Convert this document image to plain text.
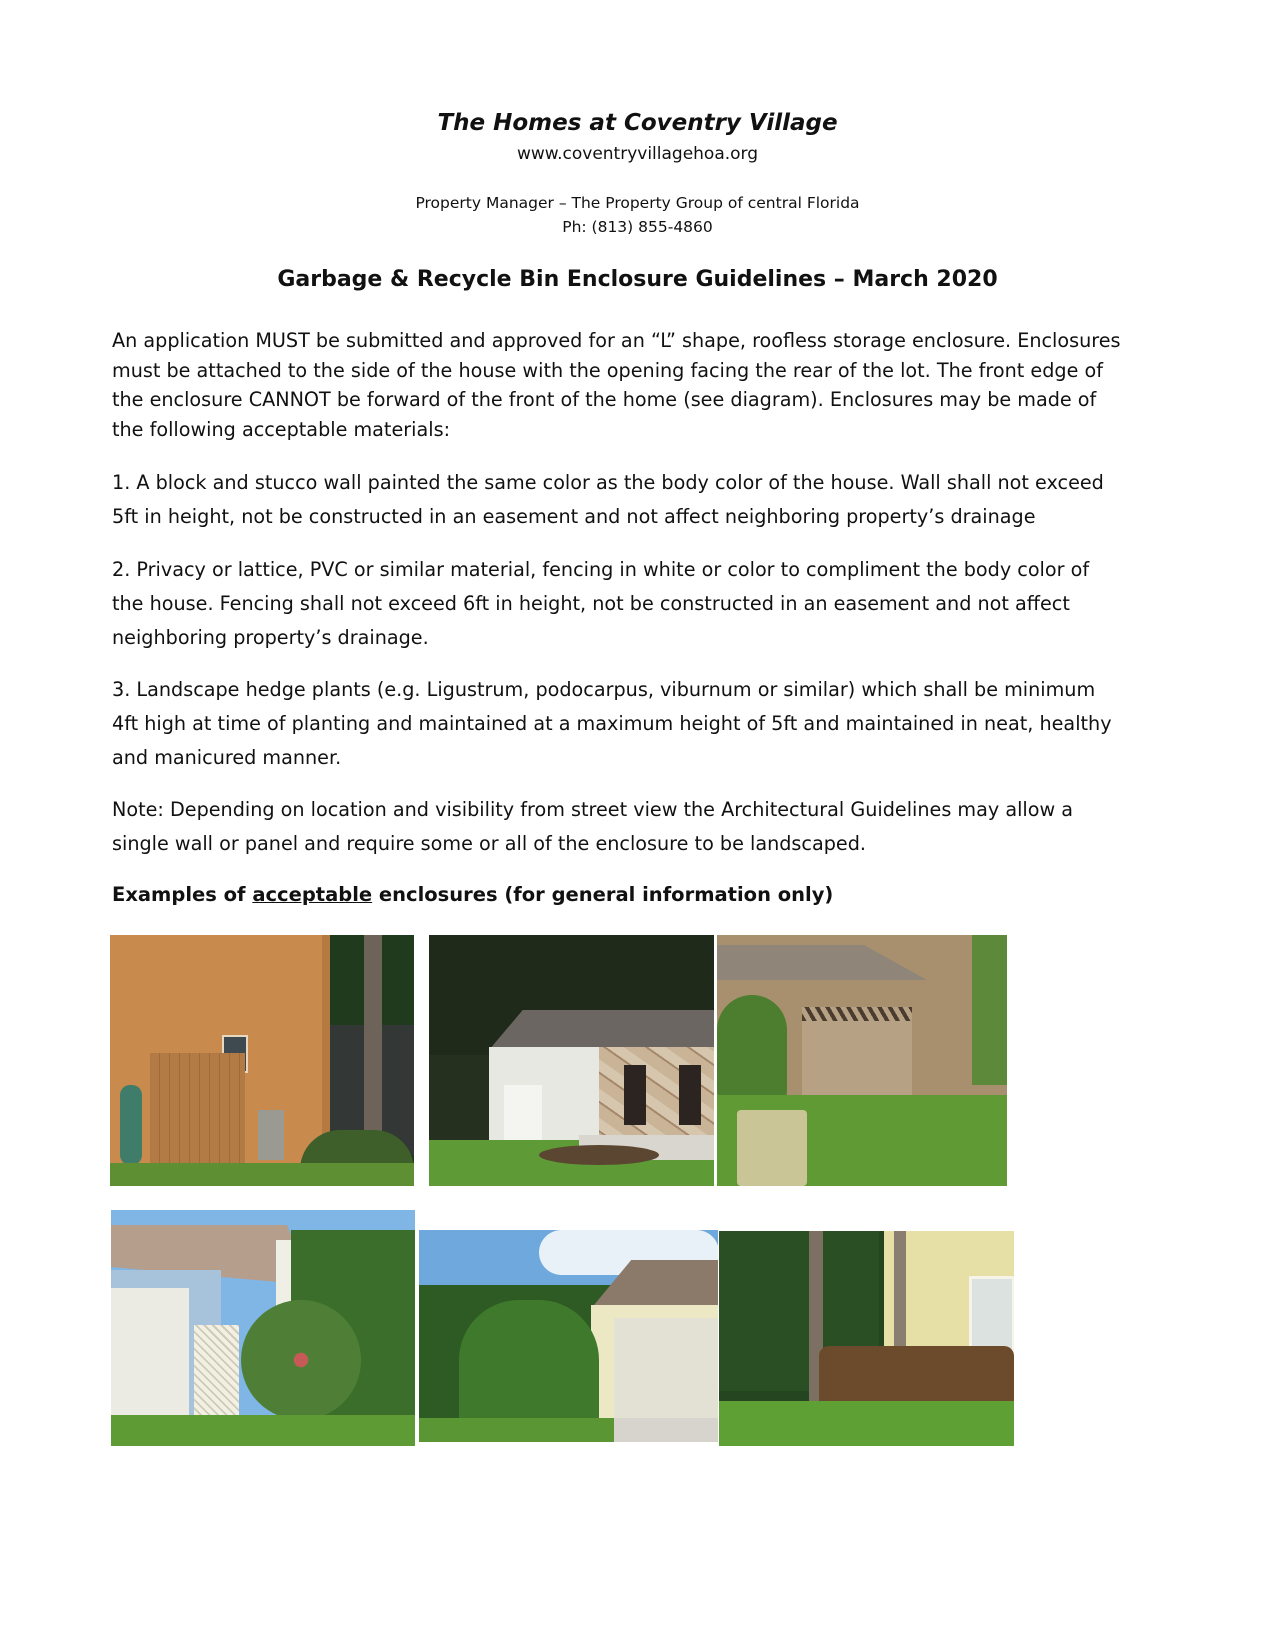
The Homes at Coventry Village
www.coventryvillagehoa.org
Property Manager – The Property Group of central Florida
Ph: (813) 855-4860
Garbage & Recycle Bin Enclosure Guidelines – March 2020
An application MUST be submitted and approved for an “L” shape, roofless storage enclosure. Enclosures must be attached to the side of the house with the opening facing the rear of the lot. The front edge of the enclosure CANNOT be forward of the front of the home (see diagram). Enclosures may be made of the following acceptable materials:
1. A block and stucco wall painted the same color as the body color of the house. Wall shall not exceed 5ft in height, not be constructed in an easement and not affect neighboring property’s drainage
2. Privacy or lattice, PVC or similar material, fencing in white or color to compliment the body color of the house. Fencing shall not exceed 6ft in height, not be constructed in an easement and not affect neighboring property’s drainage.
3. Landscape hedge plants (e.g. Ligustrum, podocarpus, viburnum or similar) which shall be minimum 4ft high at time of planting and maintained at a maximum height of 5ft and maintained in neat, healthy and manicured manner.
Note: Depending on location and visibility from street view the Architectural Guidelines may allow a single wall or panel and require some or all of the enclosure to be landscaped.
Examples of acceptable enclosures (for general information only)
